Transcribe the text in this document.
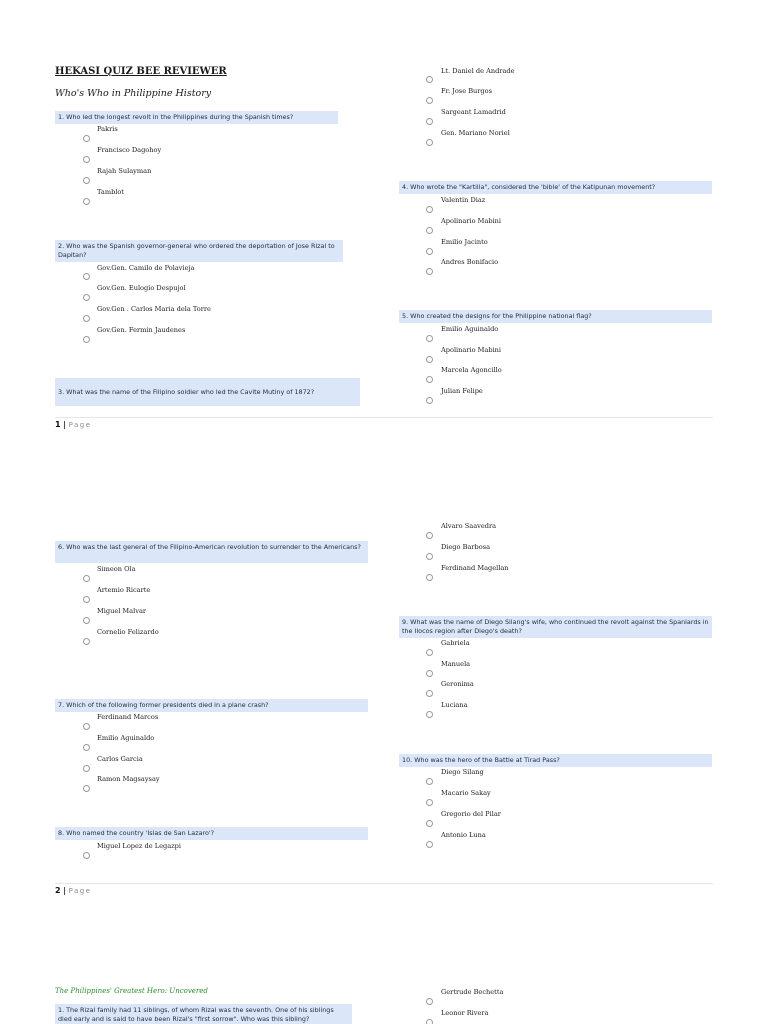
HEKASI QUIZ BEE REVIEWER
Who's Who in Philippine History
1. Who led the longest revolt in the Philippines during the Spanish times?
Pakris
Francisco Dagohoy
Rajah Sulayman
Tamblot
2. Who was the Spanish governor-general who ordered the deportation of Jose Rizal to Dapitan?
Gov.Gen. Camilo de Polavieja
Gov.Gen. Eulogio Despujol
Gov.Gen . Carlos Maria dela Torre
Gov.Gen. Fermin Jaudenes
3. What was the name of the Filipino soldier who led the Cavite Mutiny of 1872?
Lt. Daniel de Andrade
Fr. Jose Burgos
Sargeant Lamadrid
Gen. Mariano Noriel
4. Who wrote the "Kartilla", considered the 'bible' of the Katipunan movement?
Valentin Diaz
Apolinario Mabini
Emilio Jacinto
Andres Bonifacio
5. Who created the designs for the Philippine national flag?
Emilio Aguinaldo
Apolinario Mabini
Marcela Agoncillo
Julian Felipe
1 | Page
6. Who was the last general of the Filipino-American revolution to surrender to the Americans?
Simeon Ola
Artemio Ricarte
Miguel Malvar
Cornelio Felizardo
7. Which of the following former presidents died in a plane crash?
Ferdinand Marcos
Emilio Aguinaldo
Carlos Garcia
Ramon Magsaysay
8. Who named the country 'Islas de San Lazaro'?
Miguel Lopez de Legazpi
Alvaro Saavedra
Diego Barbosa
Ferdinand Magellan
9. What was the name of Diego Silang's wife, who continued the revolt against the Spaniards in the Ilocos region after Diego's death?
Gabriela
Manuela
Geronima
Luciana
10. Who was the hero of the Battle at Tirad Pass?
Diego Silang
Macario Sakay
Gregorio del Pilar
Antonio Luna
2 | Page
The Philippines' Greatest Hero: Uncovered
1. The Rizal family had 11 siblings, of whom Rizal was the seventh. One of his siblings died early and is said to have been Rizal's "first sorrow". Who was this sibling?
Gertrude Bechetta
Leonor Rivera
